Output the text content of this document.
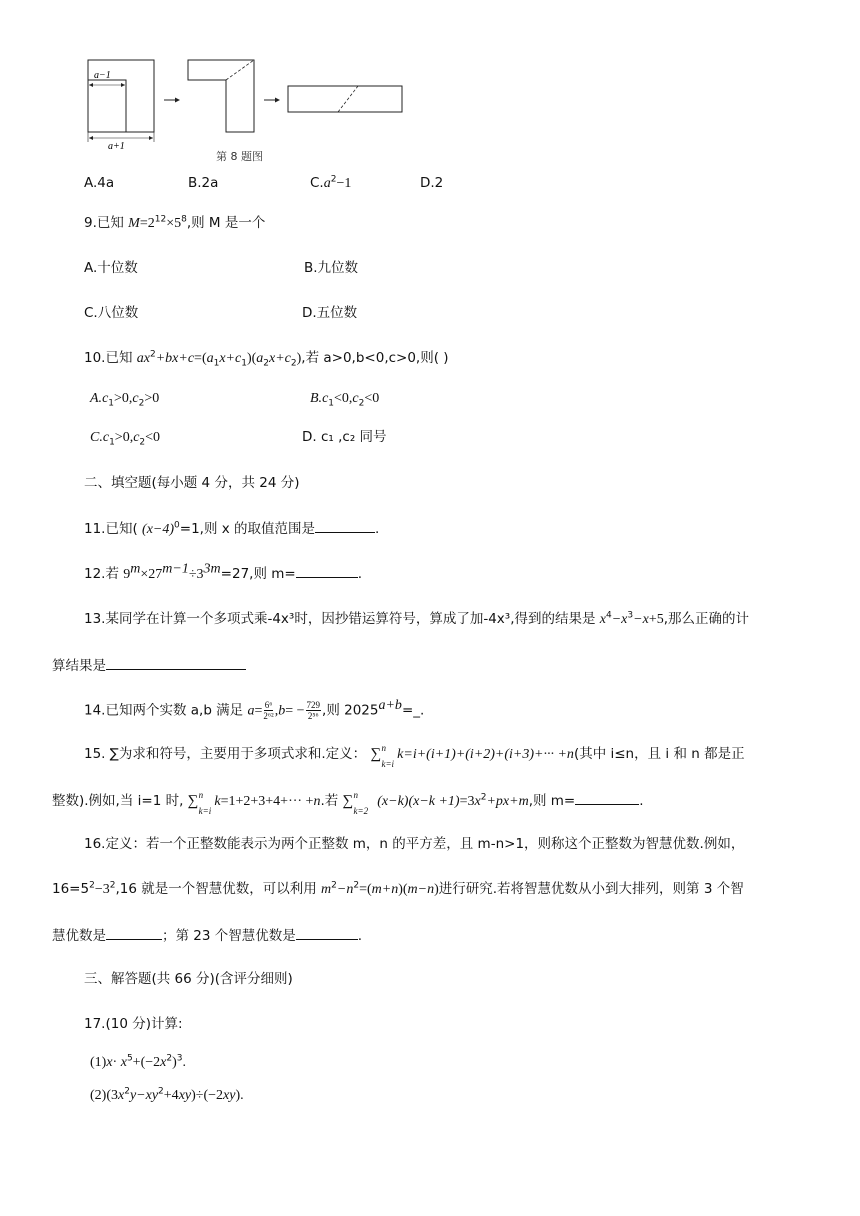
a−1
a+1
第 8 题图
A.4a	B.2a	$C.a^2-1$	D.2
9.已知 $M=2^{12}\times 5^8$,则 M 是一个
A.十位数	B.九位数
C.八位数	D.五位数
10.已知 $ax^2+bx+c=(a_1x+c_1)(a_2x+c_2)$,若 a>0,b<0,c>0,则( )
$A.c_1>0,c_2>0$	$B.c_1<0,c_2<0$
$C.c_1>0,c_2<0$	D. c₁ ,c₂ 同号
二、填空题(每小题 4 分，共 24 分)
11.已知( $(x-4)^0=1$,则 x 的取值范围是	.
12.若 $9^m\times 27^{m-1}\div 3^{3m}=27$,则 m=	.
13.某同学在计算一个多项式乘-4x³时，因抄错运算符号，算成了加-4x³,得到的结果是 $x^4-x^3-x+5$,那么正确的计
算结果是
14.已知两个实数 a,b 满足 $a= \frac{\text{6⁶}}{\text{2⁶²}} ,b= - \frac{729}{\text{2⁵⁶}}$ ,则 $2025^{a+b}=\_$.
15. ∑为求和符号，主要用于多项式求和.定义： ∑ n
k=i
k=i+(i+1)+(i+2)+(i+3)+··· +n(其中 i≤n，且 i 和 n 都是正
整数).例如,当 i=1 时, ∑ n
k=i
k=1+2+3+4+··· +n.若 ∑ n
k=2
$(x-k)(x-k +1)=3x^2+px+m$,则 m=	.
16.定义：若一个正整数能表示为两个正整数 m，n 的平方差，且 m-n>1，则称这个正整数为智慧优数.例如，
$16=5^2-3^2,16$ 就是一个智慧优数，可以利用 $m^2-n^2=(m+n)(m-n)$进行研究.若将智慧优数从小到大排列，则第 3 个智
慧优数是	；第 23 个智慧优数是	.
三、解答题(共 66 分)(含评分细则)
17.(10 分)计算:
$(1)x\cdot x^5+(-2x^2)^3$.
$(2)(3x^2y-xy^2+4xy)\div(-2xy)$.
